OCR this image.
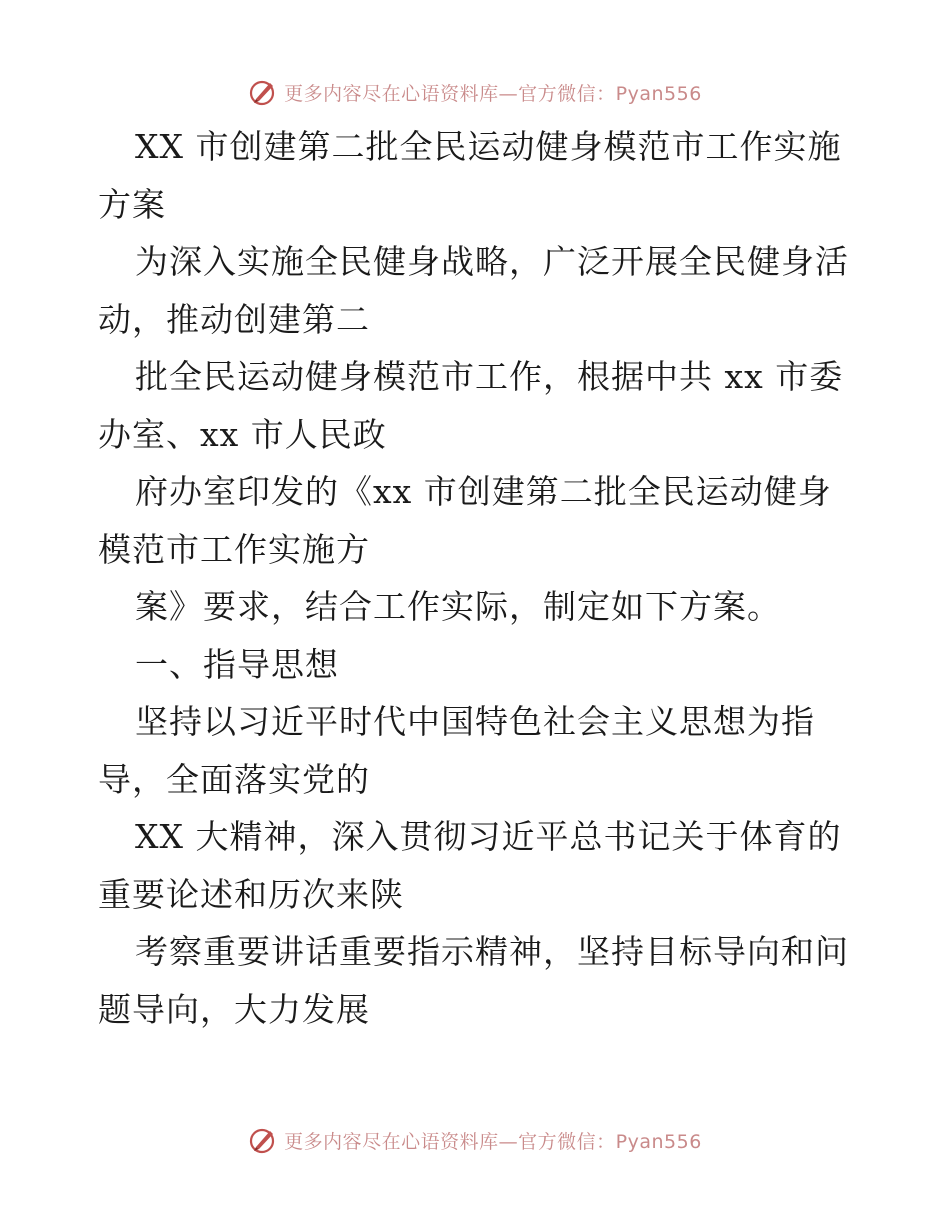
更多内容尽在心语资料库—官方微信：Pyan556
XX 市创建第二批全民运动健身模范市工作实施
方案
为深入实施全民健身战略，广泛开展全民健身活
动，推动创建第二
批全民运动健身模范市工作，根据中共 xx 市委
办室、xx 市人民政
府办室印发的《xx 市创建第二批全民运动健身
模范市工作实施方
案》要求，结合工作实际，制定如下方案。
一、指导思想
坚持以习近平时代中国特色社会主义思想为指
导，全面落实党的
XX 大精神，深入贯彻习近平总书记关于体育的
重要论述和历次来陕
考察重要讲话重要指示精神，坚持目标导向和问
题导向，大力发展
更多内容尽在心语资料库—官方微信：Pyan556
